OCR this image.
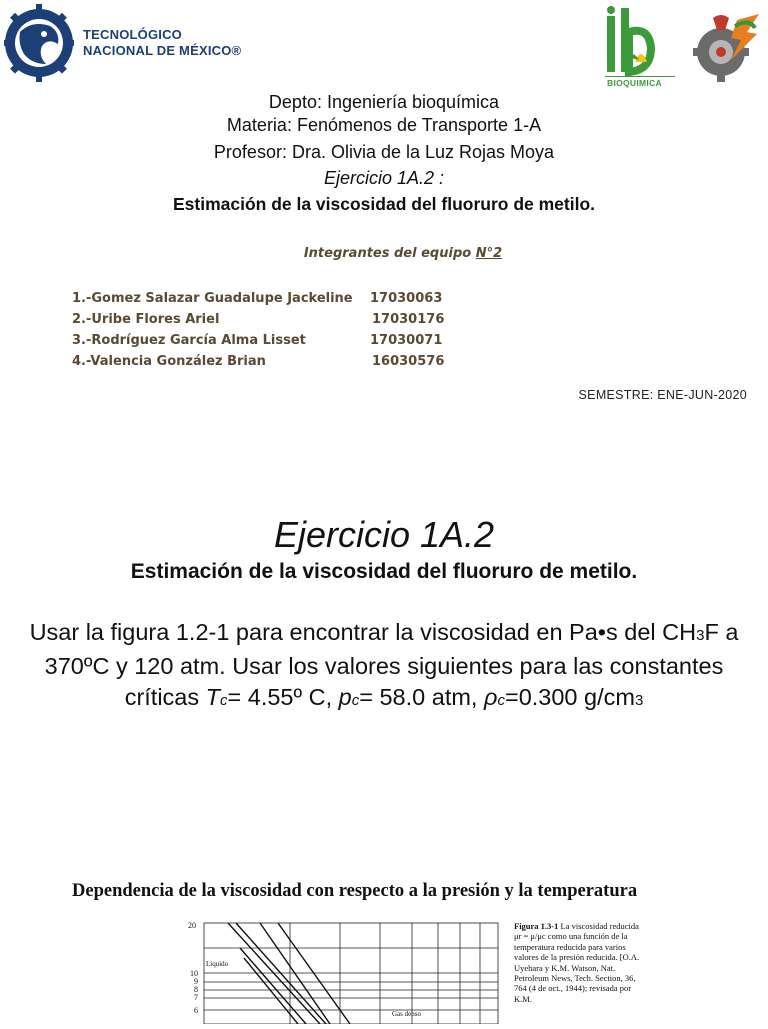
TECNOLÓGICO
NACIONAL DE MÉXICO®
BIOQUIMICA
Depto: Ingeniería bioquímica
Materia: Fenómenos de Transporte 1-A
Profesor: Dra. Olivia de la Luz Rojas Moya
Ejercicio 1A.2 :
Estimación de la viscosidad del fluoruro de metilo.
Integrantes del equipo N°2
1.-Gomez Salazar Guadalupe Jackeline 17030063
2.-Uribe Flores Ariel	17030176
3.-Rodríguez García Alma Lisset	17030071
4.-Valencia González Brian	16030576
SEMESTRE: ENE-JUN-2020
Ejercicio 1A.2
Estimación de la viscosidad del fluoruro de metilo.
Usar la figura 1.2-1 para encontrar la viscosidad en Pa•s del CH3F a 370ºC y 120 atm. Usar los valores siguientes para las constantes críticas Tc= 4.55º C, pc= 58.0 atm, ρc=0.300 g/cm3
Dependencia de la viscosidad con respecto a la presión y la temperatura
20
10
9
8
7
6
Líquido
Gas denso
Figura 1.3-1 La viscosidad reducida μr = μ/μc como una función de la temperatura reducida para varios valores de la presión reducida. [O.A. Uyehara y K.M. Watson, Nat. Petroleum News, Tech. Section, 36, 764 (4 de oct., 1944); revisada por K.M.
